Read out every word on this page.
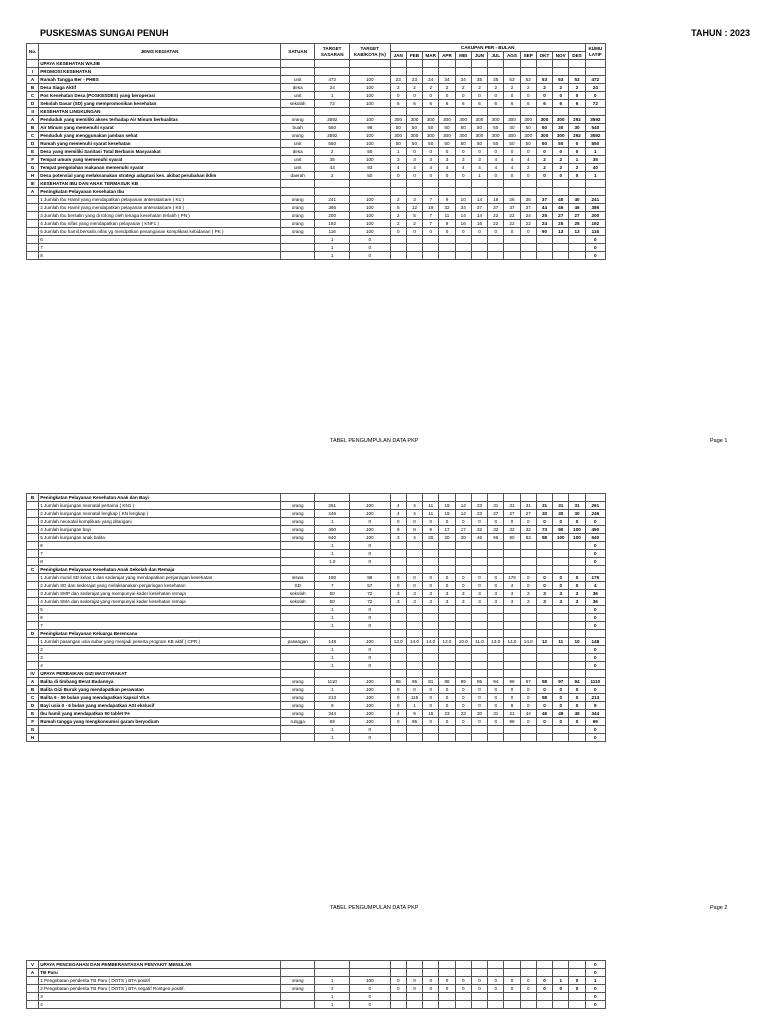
PUSKESMAS SUNGAI PENUH	TAHUN : 2023
No.	JENIS KEGIATAN	SATUAN	TARGET SASARAN	TARGET KAB/KOTA (%)	CAKUPAN PER - BULAN												KUMU LATIF
					JAN	FEB	MAR	APR	MEI	JUN	JUL	AGS	SEP	OKT	NOV	DES	
	UPAYA KESEHATAN WAJIB																
I	PROMOSI KESEHATAN																
A	Rumah Tangga Ber - PHBS	unit	472	100	23	23	24	34	34	35	35	53	52	53	53	53	472
B	Desa Siaga Aktif	desa	24	100	2	2	2	2	2	2	2	2	2	2	2	2	24
C	Pos Kesehatan Desa (POSKESDES) yang beroperasi	unit	1	100	0	0	0	0	0	0	0	0	0	0	0	0	0
D	Sekolah Dasar (SD) yang mempromosikan kesehatan	sekolah	72	100	6	6	6	6	6	6	6	6	6	6	6	6	72
II	KESEHATAN LINGKUNGAN																
A	Penduduk yang memiliki akses terhadap Air Minum berkualitas	orang	3592	100	300	300	300	300	300	300	300	300	300	300	300	292	3592
B	Air Minum yang memenuhi syarat	buah	550	98	50	50	50	50	50	50	50	30	50	50	30	30	540
C	Penduduk yang menggunakan jamban sehat	orang	3592	100	300	300	300	300	300	300	300	300	300	300	300	292	3592
D	Rumah yang memenuhi syarat kesehatan	unit	550	100	50	50	50	50	50	50	50	50	50	50	50	0	550
E	Desa yang memiliki Sanitasi Total Berbasis Masyarakat	desa	2	50	1	0	0	0	0	0	0	0	0	0	0	0	1
F	Tempat umum yang memenuhi syarat	unit	35	100	3	3	3	3	3	3	4	4	4	2	2	1	35
G	Tempat pengolahan makanan memenuhi syarat	unit	43	93	4	4	4	4	4	4	4	4	2	2	2	2	40
H	Desa potensial yang melaksanakan strategi adaptasi kes. akibat perubahan iklim	daerah	2	50	0	0	0	0	0	1	0	0	0	0	0	0	1
III	KESEHATAN IBU DAN ANAK TERMASUK KB																
A	Peningkatan Pelayanan Kesehatan Ibu																
	1 Jumlah Ibu Hamil yang mendapatkan pelayanan antenatalcare ( K1 )	orang	241	100	2	3	7	9	10	14	18	26	35	37	40	40	241
	2 Jumlah Ibu Hamil yang mendapatkan pelayanan antenatalcare ( K6 )	orang	386	100	5	12	19	32	34	37	37	37	37	44	46	46	386
	3 Jumlah Ibu bersalin yang di tolong oleh tenaga kesehatan terlatih ( PN )	orang	200	100	2	5	7	11	14	14	22	22	24	25	27	27	200
	4 Jumlah Ibu nifas yang mendapatkan pelayanan ( KNF1 )	orang	192	100	2	2	7	9	16	16	22	22	22	24	25	25	192
	5 Jumlah Ibu hamil,bersalin,nifas yg mendpttkan penanganan komplikasi kebidanan ( PK )	orang	116	100	0	0	0	0	0	0	0	0	0	90	13	13	116
	6		1	0													0
	7		1	0													0
	8		1	0													0
TABEL PENGUMPULAN DATA PKP	Page 1
B	Peningkatan Pelayanan Kesehatan Anak dan Bayi																
	1 Jumlah kunjungan neonatal pertama ( KN1 )	orang	261	100	4	4	11	19	14	23	31	31	31	31	31	31	261
	2 Jumlah kunjungan neonatal lengkap ( KN lengkap )	orang	246	100	4	4	11	19	14	23	27	27	27	30	30	30	246
	3 Jumlah neonatal komplikasi yang ditangani	orang	1	0	0	0	0	0	0	0	0	0	0	0	0	0	0
	4 Jumlah kunjungan bayi	orang	450	100	8	8	9	17	17	32	32	32	32	73	90	100	450
	5 Jumlah kunjungan anak balita	orang	640	100	3	4	20	20	20	46	66	80	83	98	100	100	640
	6		1	0													0
	7		1	0													0
	8		1.0	0													0
C	Peningkatan Pelayanan Kesehatan Anak Sekolah dan Remaja																
	1 Jumlah murid SD kelas 1 dan sederajat yang mendapatkan penjaringan kesehatan	siswa	180	98	0	0	0	0	0	0	0	176	0	0	0	0	176
	2 Jumlah SD dan sederajat yang melaksanakan penjaringan kesehatan	SD	7	57	0	0	0	0	0	0	0	4	0	0	0	0	4
	3 Jumlah SMP dan sederajat yang mempunyai kader kesehatan remaja	sekolah	50	72	3	3	3	3	3	3	3	3	3	3	3	3	36
	4 Jumlah SMA dan sederajat yang mempunyai kader kesehatan remaja	sekolah	50	72	3	3	3	3	3	3	3	3	3	3	3	3	36
	5		1	0													0
	6		1	0													0
	7		1	0													0
D	Peningkatan Pelayanan Keluarga Berencana																
	1 Jumlah pasangan usia subur yang menjadi peserta program KB aktif ( CPR )	pasangan	148	100	13.0	14.0	14.0	12.0	10.0	11.0	13.0	14.0	14.0	12	11	10	148
	2		1	0													0
	3		1	0													0
	4		1	0													0
IV	UPAYA PERBAIKAN GIZI MASYARAKAT																
A	Balita di timbang Berat Badannya	orang	1110	100	95	95	81	88	89	85	94	96	97	98	97	94	1110
B	Balita Gizi Buruk yang mendapatkan perawatan	orang	1	100	0	0	0	0	0	0	0	0	0	0	0	0	0
C	Balita 6 - 59 bulan yang mendapatkan kapsul Vit.A	orang	213	100	0	115	0	0	0	0	0	0	0	98	0	0	213
D	Bayi usia 0 - 6 bulan yang mendapatkan ASI ekslusif	orang	9	100	0	1	0	0	0	0	0	8	0	0	0	0	9
E	Ibu hamil yang mendapatkan 90 tablet Fe	orang	344	100	4	9	15	23	23	30	31	21	44	46	49	49	344
F	Rumah tangga yang mengkonsumsi garam beryodium	rungga	69	100	0	95	0	0	0	0	0	96	0	0	0	0	69
G			1	0													0
H			1	0													0
TABEL PENGUMPULAN DATA PKP	Page 2
V	UPAYA PENCEGAHAN DAN PEMBERANTASAN PENYAKIT MENULAR																0
A	TB Paru																0
	1 Pengobatan penderita TB Paru ( DOTS ) BTA positif	orang	1	100	0	0	0	0	0	0	0	0	0	0	1	0	1
	2 Pengobatan penderita TB Paru ( DOTS ) BTA negatif Rontgen positif.	orang	2	0	0	0	0	0	0	0	0	0	0	0	0	0	0
	3		1	0													0
	4		1	0													0
